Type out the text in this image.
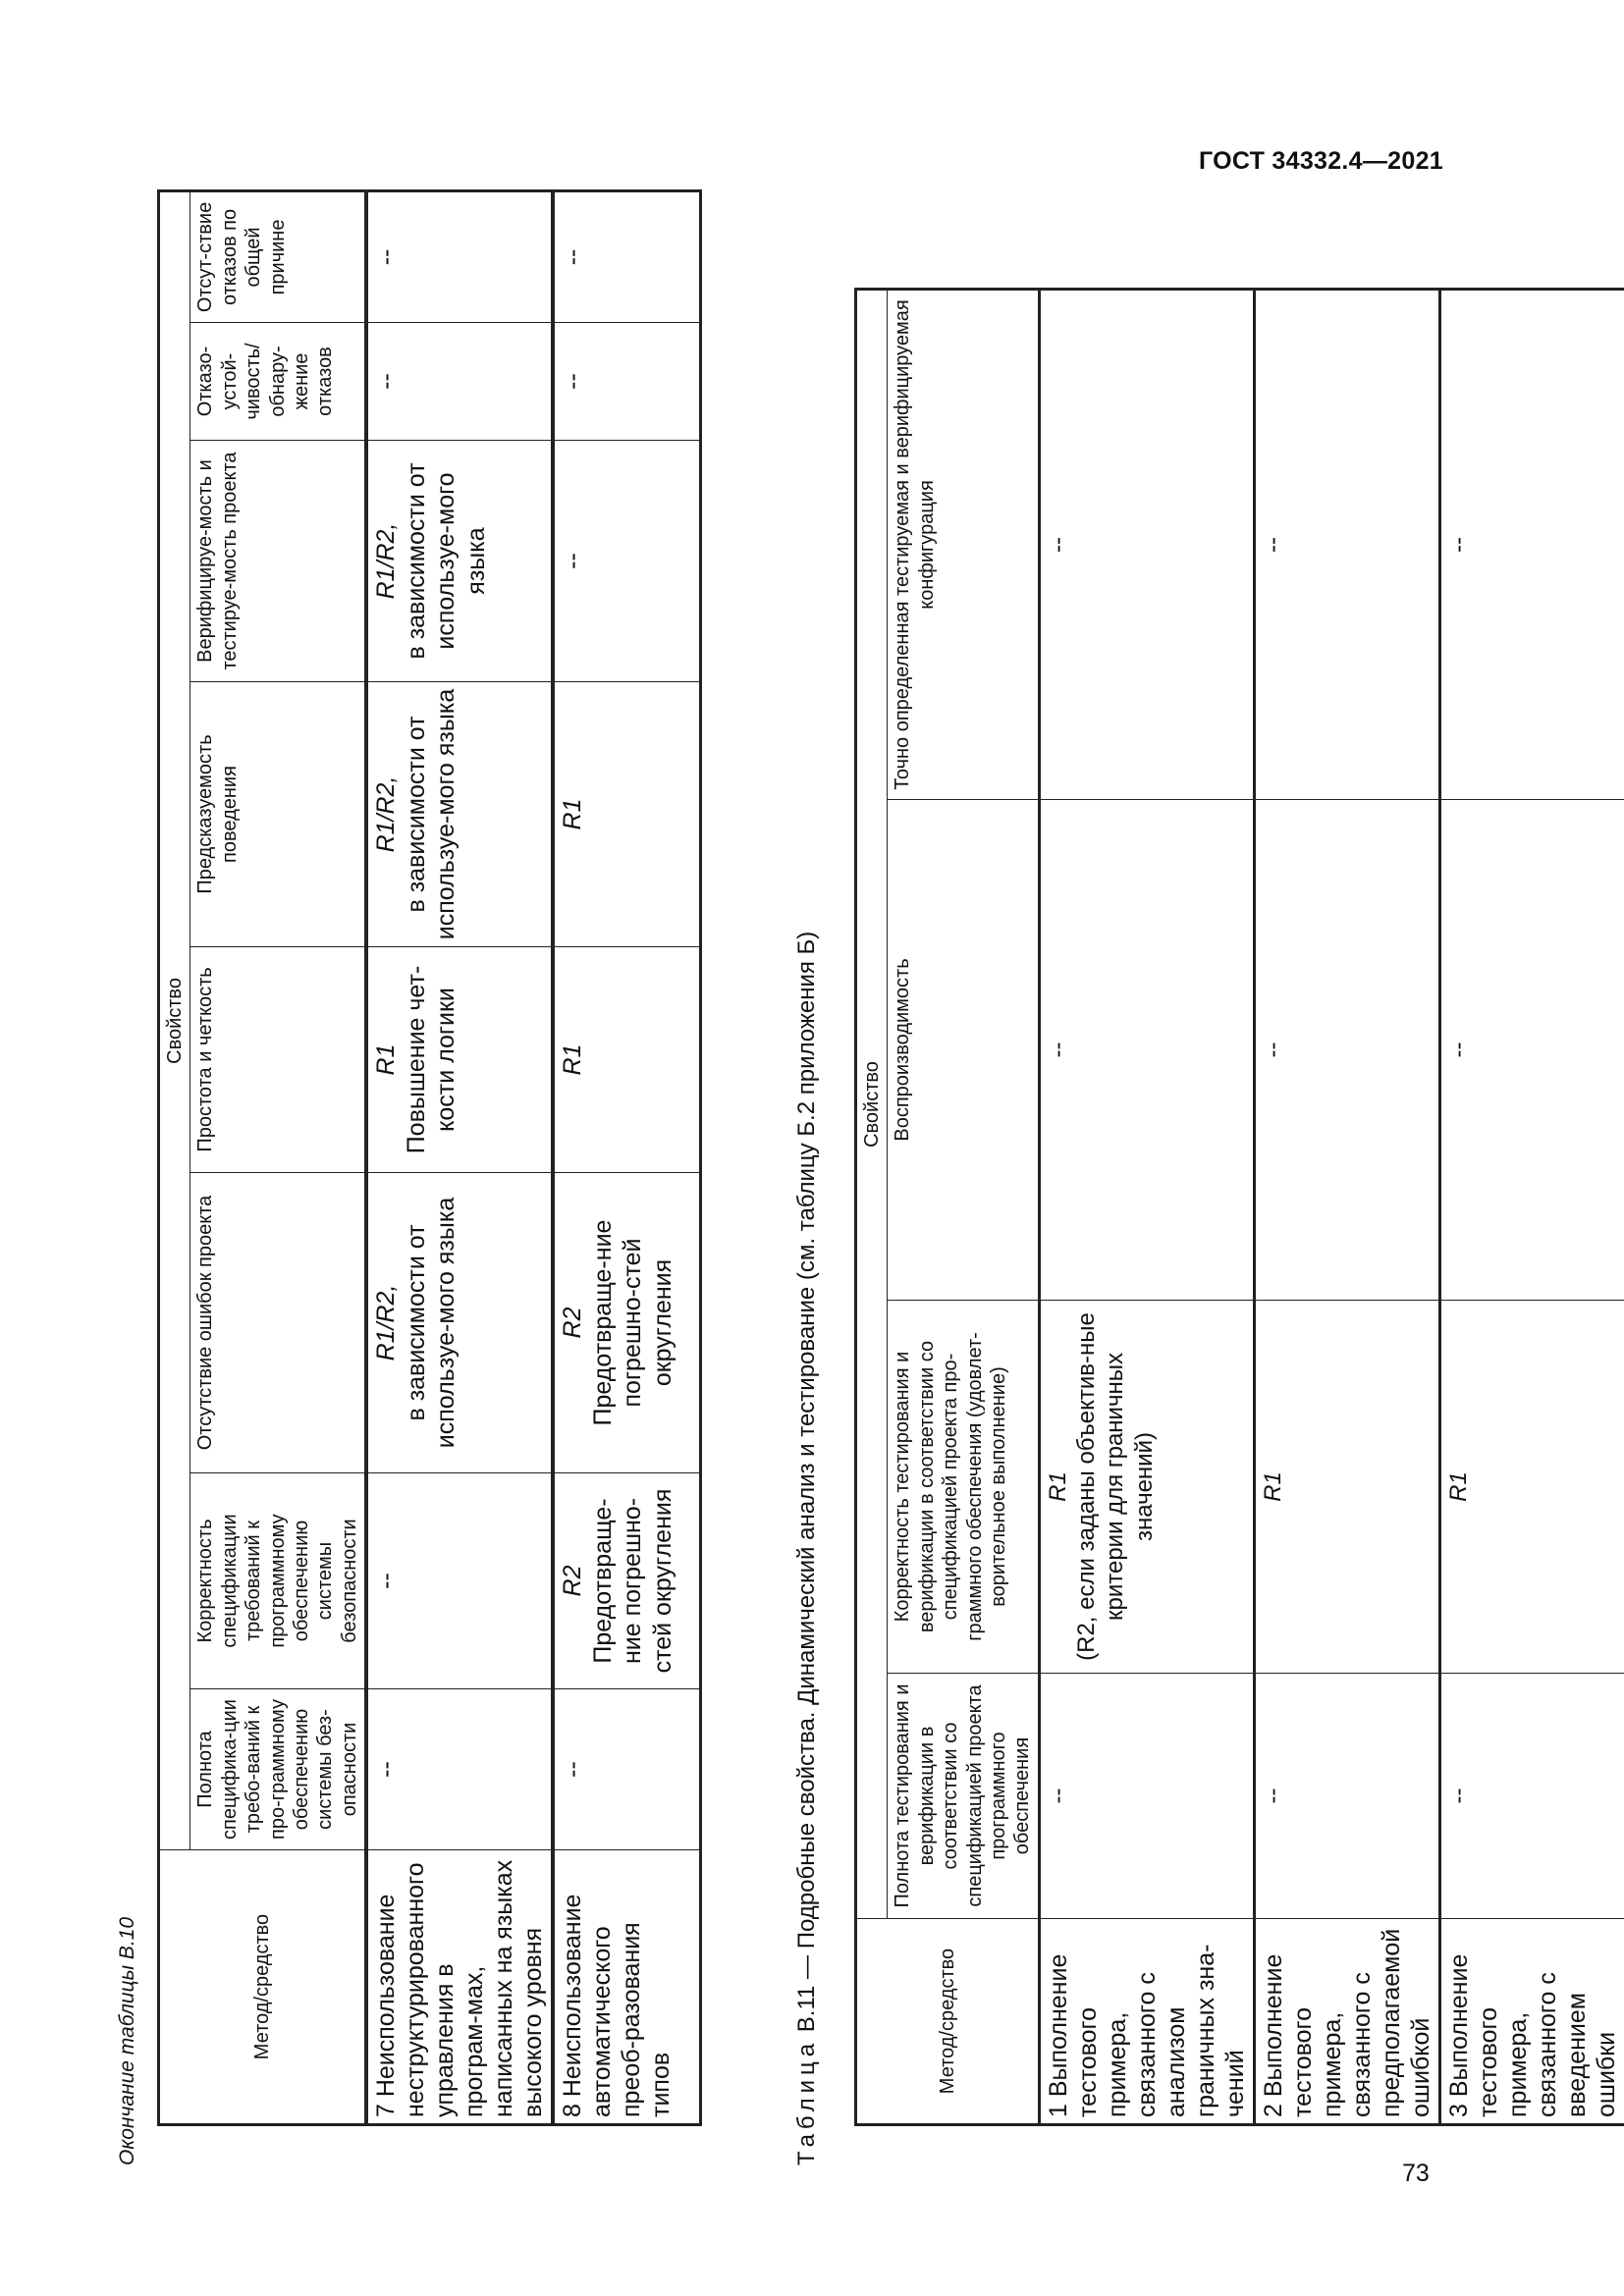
ГОСТ 34332.4—2021
73
Окончание таблицы В.10	Метод/средство	Свойство							
	Полнота специфика-ции требо-ваний к про-граммному обеспечению системы без-опасности	Корректность спецификации требований к программному обеспечению системы безопасности	Отсутствие ошибок проекта	Простота и четкость	Предсказуемость поведения	Верифицируе-мость и тестируе-мость проекта	Отказо-устой-чивость/ обнару-жение отказов	Отсут-ствие отказов по общей причине
7 Неиспользование неструктурированного управления в програм-мах, написанных на языках высокого уровня	--	--	R1/R2, в зависимости от используе-мого языка	R1 Повышение чет-кости логики	R1/R2, в зависимости от используе-мого языка	R1/R2, в зависимости от используе-мого языка	--	--

8 Неиспользование автоматического преоб-разования типов	--	R2 Предотвраще-ние погрешно-стей округления	R2 Предотвраще-ние погрешно-стей округления	R1	R1	--	--	--
Таблица В.11 — Подробные свойства. Динамический анализ и тестирование (см. таблицу Б.2 приложения Б)	Метод/средство	Свойство			
	Полнота тестирования и верификации в соответствии со спецификацией проекта программного обеспечения	Корректность тестирования и верификации в соответствии со спецификацией проекта про-граммного обеспечения (удовлет-ворительное выполнение)	Воспроизводимость	Точно определенная тестируемая и верифицируемая конфигурация
1 Выполнение тестового примера, связанного с анализом граничных зна-чений	--	R1 (R2, если заданы объектив-ные критерии для граничных значений)	--	--

2 Выполнение тестового примера, связанного с предполагаемой ошибкой	--	R1	--	--

3 Выполнение тестового примера, связанного с введением ошибки	--	R1	--	--
